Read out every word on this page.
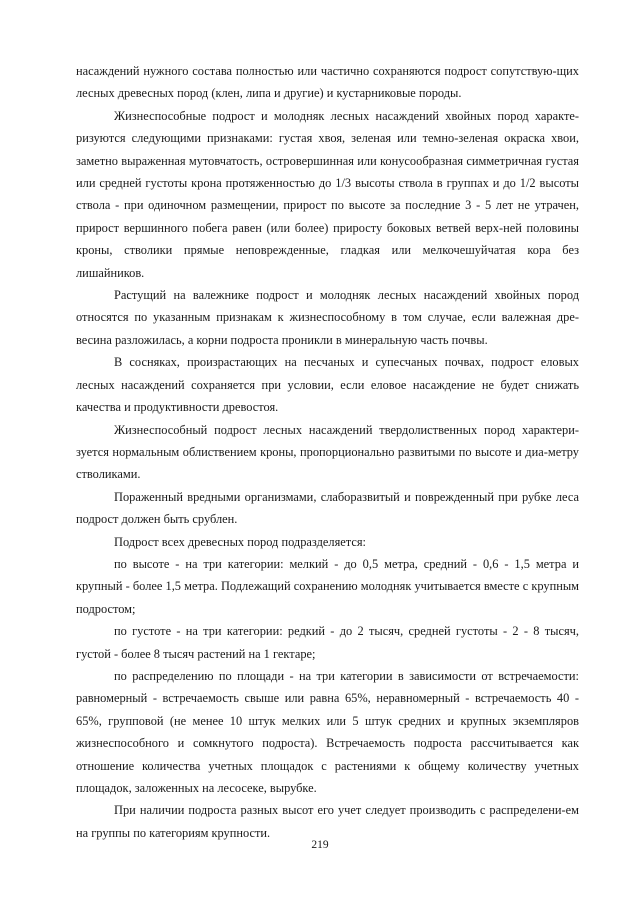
насаждений нужного состава полностью или частично сохраняются подрост сопутствую-щих лесных древесных пород (клен, липа и другие) и кустарниковые породы.

Жизнеспособные подрост и молодняк лесных насаждений хвойных пород характе-ризуются следующими признаками: густая хвоя, зеленая или темно-зеленая окраска хвои, заметно выраженная мутовчатость, островершинная или конусообразная симметричная густая или средней густоты крона протяженностью до 1/3 высоты ствола в группах и до 1/2 высоты ствола - при одиночном размещении, прирост по высоте за последние 3 - 5 лет не утрачен, прирост вершинного побега равен (или более) приросту боковых ветвей верх-ней половины кроны, стволики прямые неповрежденные, гладкая или мелкочешуйчатая кора без лишайников.

Растущий на валежнике подрост и молодняк лесных насаждений хвойных пород относятся по указанным признакам к жизнеспособному в том случае, если валежная дре-весина разложилась, а корни подроста проникли в минеральную часть почвы.

В сосняках, произрастающих на песчаных и супесчаных почвах, подрост еловых лесных насаждений сохраняется при условии, если еловое насаждение не будет снижать качества и продуктивности древостоя.

Жизнеспособный подрост лесных насаждений твердолиственных пород характери-зуется нормальным облиствением кроны, пропорционально развитыми по высоте и диа-метру стволиками.

Пораженный вредными организмами, слаборазвитый и поврежденный при рубке леса подрост должен быть срублен.

Подрост всех древесных пород подразделяется:

по высоте - на три категории: мелкий - до 0,5 метра, средний - 0,6 - 1,5 метра и крупный - более 1,5 метра. Подлежащий сохранению молодняк учитывается вместе с крупным подростом;

по густоте - на три категории: редкий - до 2 тысяч, средней густоты - 2 - 8 тысяч, густой - более 8 тысяч растений на 1 гектаре;

по распределению по площади - на три категории в зависимости от встречаемости: равномерный - встречаемость свыше или равна 65%, неравномерный - встречаемость 40 - 65%, групповой (не менее 10 штук мелких или 5 штук средних и крупных экземпляров жизнеспособного и сомкнутого подроста). Встречаемость подроста рассчитывается как отношение количества учетных площадок с растениями к общему количеству учетных площадок, заложенных на лесосеке, вырубке.

При наличии подроста разных высот его учет следует производить с распределени-ем на группы по категориям крупности.

219
